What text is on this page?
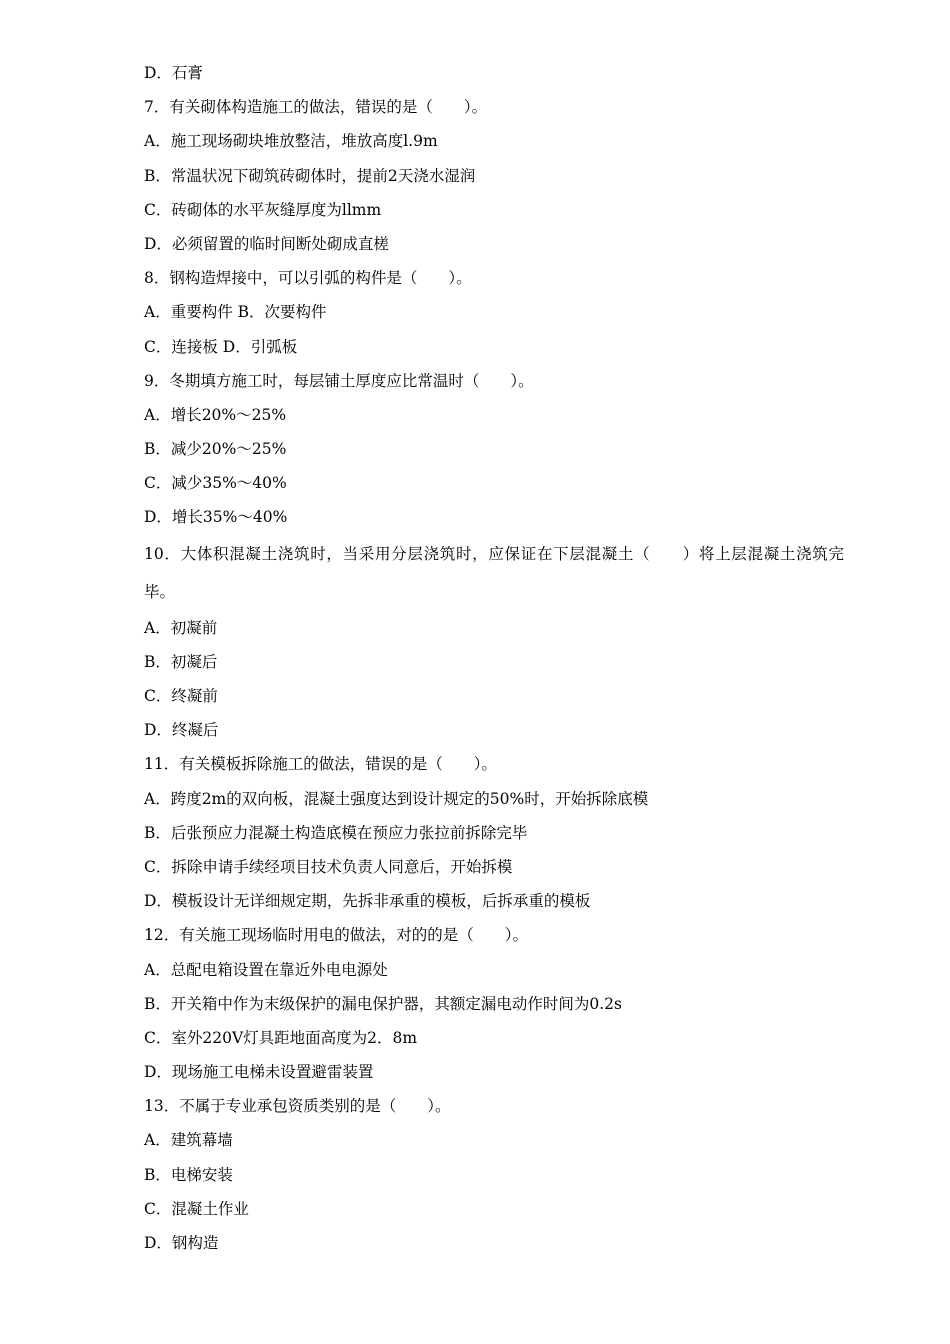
D．石膏
7．有关砌体构造施工的做法，错误的是（　　）。
A．施工现场砌块堆放整洁，堆放高度l.9m
B．常温状况下砌筑砖砌体时，提前2天浇水湿润
C．砖砌体的水平灰缝厚度为llmm
D．必须留置的临时间断处砌成直槎
8．钢构造焊接中，可以引弧的构件是（　　）。
A．重要构件 B．次要构件
C．连接板 D．引弧板
9．冬期填方施工时，每层铺土厚度应比常温时（　　）。
A．增长20%～25%
B．减少20%～25%
C．减少35%～40%
D．增长35%～40%
10．大体积混凝土浇筑时，当采用分层浇筑时，应保证在下层混凝土（　　）将上层混凝土浇筑完毕。
A．初凝前
B．初凝后
C．终凝前
D．终凝后
11．有关模板拆除施工的做法，错误的是（　　）。
A．跨度2m的双向板，混凝土强度达到设计规定的50%时，开始拆除底模
B．后张预应力混凝土构造底模在预应力张拉前拆除完毕
C．拆除申请手续经项目技术负责人同意后，开始拆模
D．模板设计无详细规定期，先拆非承重的模板，后拆承重的模板
12．有关施工现场临时用电的做法，对的的是（　　）。
A．总配电箱设置在靠近外电电源处
B．开关箱中作为末级保护的漏电保护器，其额定漏电动作时间为0.2s
C．室外220V灯具距地面高度为2．8m
D．现场施工电梯未设置避雷装置
13．不属于专业承包资质类别的是（　　）。
A．建筑幕墙
B．电梯安装
C．混凝土作业
D．钢构造
